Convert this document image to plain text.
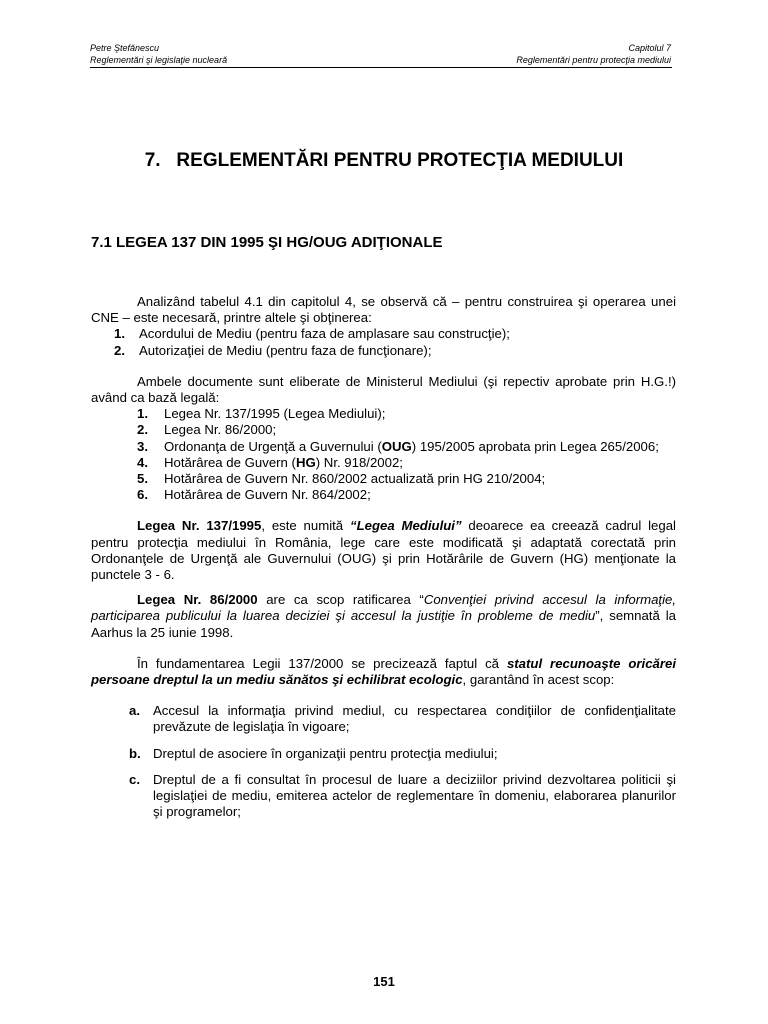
Petre Ştefănescu
Reglementări şi legislaţie nucleară
Capitolul 7
Reglementări pentru protecţia mediului
7. REGLEMENTĂRI PENTRU PROTECŢIA MEDIULUI
7.1 LEGEA 137 DIN 1995 ŞI HG/OUG ADIŢIONALE

Analizând tabelul 4.1 din capitolul 4, se observă că – pentru construirea şi operarea unei CNE – este necesară, printre altele şi obţinerea:

1. Acordului de Mediu (pentru faza de amplasare sau construcţie);
2. Autorizaţiei de Mediu (pentru faza de funcţionare);

Ambele documente sunt eliberate de Ministerul Mediului (şi repectiv aprobate prin H.G.!) având ca bază legală:

1. Legea Nr. 137/1995 (Legea Mediului);
2. Legea Nr. 86/2000;
3. Ordonanţa de Urgenţă a Guvernului (OUG) 195/2005 aprobata prin Legea 265/2006;
4. Hotărârea de Guvern (HG) Nr. 918/2002;
5. Hotărârea de Guvern Nr. 860/2002 actualizată prin HG 210/2004;
6. Hotărârea de Guvern Nr. 864/2002;

Legea Nr. 137/1995, este numită “Legea Mediului” deoarece ea creează cadrul legal pentru protecţia mediului în România, lege care este modificată şi adaptată corectată prin Ordonanţele de Urgenţă ale Guvernului (OUG) şi prin Hotărârile de Guvern (HG) menţionate la punctele 3 - 6.

Legea Nr. 86/2000 are ca scop ratificarea “Convenţiei privind accesul la informaţie, participarea publicului la luarea deciziei şi accesul la justiţie în probleme de mediu”, semnată la Aarhus la 25 iunie 1998.

În fundamentarea Legii 137/2000 se precizează faptul că statul recunoaşte oricărei persoane dreptul la un mediu sănătos şi echilibrat ecologic, garantând în acest scop:

a. Accesul la informaţia privind mediul, cu respectarea condiţiilor de confidenţialitate prevăzute de legislaţia în vigoare;
b. Dreptul de asociere în organizaţii pentru protecţia mediului;
c. Dreptul de a fi consultat în procesul de luare a deciziilor privind dezvoltarea politicii şi legislaţiei de mediu, emiterea actelor de reglementare în domeniu, elaborarea planurilor şi programelor;
151
